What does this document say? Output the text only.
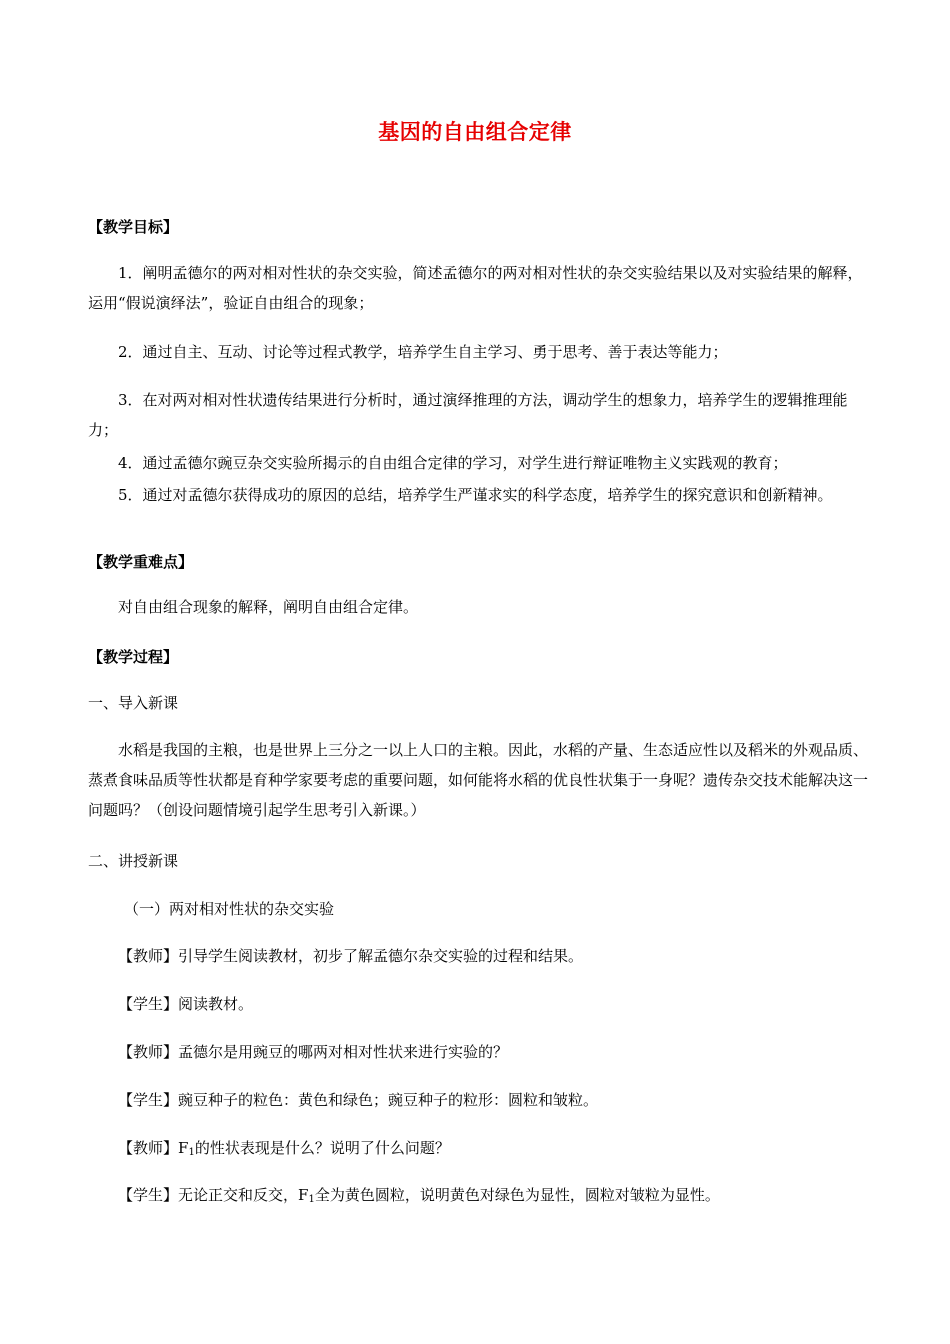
基因的自由组合定律
【教学目标】
1．阐明孟德尔的两对相对性状的杂交实验，简述孟德尔的两对相对性状的杂交实验结果以及对实验结果的解释，运用“假说演绎法”，验证自由组合的现象；
2．通过自主、互动、讨论等过程式教学，培养学生自主学习、勇于思考、善于表达等能力；
3．在对两对相对性状遗传结果进行分析时，通过演绎推理的方法，调动学生的想象力，培养学生的逻辑推理能力；
4．通过孟德尔豌豆杂交实验所揭示的自由组合定律的学习，对学生进行辩证唯物主义实践观的教育；
5．通过对孟德尔获得成功的原因的总结，培养学生严谨求实的科学态度，培养学生的探究意识和创新精神。
【教学重难点】
对自由组合现象的解释，阐明自由组合定律。
【教学过程】
一、导入新课
水稻是我国的主粮，也是世界上三分之一以上人口的主粮。因此，水稻的产量、生态适应性以及稻米的外观品质、蒸煮食味品质等性状都是育种学家要考虑的重要问题，如何能将水稻的优良性状集于一身呢？遗传杂交技术能解决这一问题吗？（创设问题情境引起学生思考引入新课。）
二、讲授新课
（一）两对相对性状的杂交实验
【教师】引导学生阅读教材，初步了解孟德尔杂交实验的过程和结果。
【学生】阅读教材。
【教师】孟德尔是用豌豆的哪两对相对性状来进行实验的？
【学生】豌豆种子的粒色：黄色和绿色；豌豆种子的粒形：圆粒和皱粒。
【教师】$F_1$的性状表现是什么？说明了什么问题？
【学生】无论正交和反交，$F_1$全为黄色圆粒，说明黄色对绿色为显性，圆粒对皱粒为显性。
